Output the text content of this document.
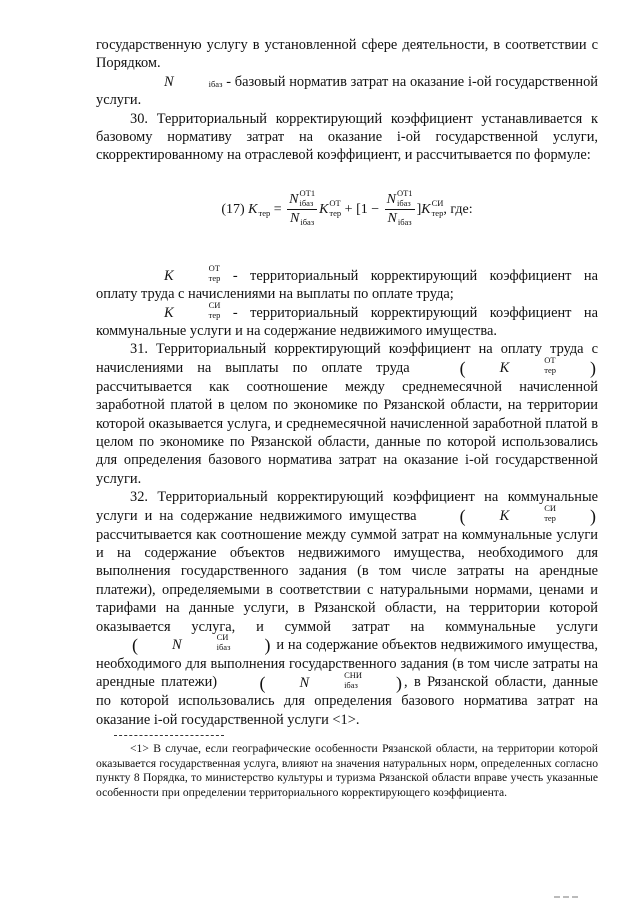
государственную услугу в установленной сфере деятельности, в соответствии с Порядком.

N
	iбаз - базовый норматив затрат на оказание i-ой государственной услуги.

30. Территориальный корректирующий коэффициент устанавливается к базовому нормативу затрат на оказание i-ой государственной услуги, скорректированному на отраслевой коэффициент, и рассчитывается по формуле:

(17)
K
тер = N ОТ1
iбаз
N
iбаз K ОТ
тер + [1 − N ОТ1
iбаз
N
iбаз ] K СИ
тер , где:

K	ОТ
тер - территориальный корректирующий коэффициент на оплату труда с начислениями на выплаты по оплате труда;

K	СИ
тер - территориальный корректирующий коэффициент на коммунальные услуги и на содержание недвижимого имущества.

31. Территориальный корректирующий коэффициент на оплату труда с начислениями на выплаты по оплате труда	(	K	ОТ
тер	)
рассчитывается как соотношение между среднемесячной начисленной заработной платой в целом по экономике по Рязанской области, на территории которой оказывается услуга, и среднемесячной начисленной заработной платой в целом по экономике по Рязанской области, данные по которой использовались для определения базового норматива затрат на оказание i-ой государственной услуги.

32. Территориальный корректирующий коэффициент на коммунальные услуги и на содержание недвижимого имущества	(	K	СИ
тер	)
рассчитывается как соотношение между суммой затрат на коммунальные услуги и на содержание объектов недвижимого имущества, необходимого для выполнения государственного задания (в том числе затраты на арендные платежи), определяемыми в соответствии с натуральными нормами, ценами и тарифами на данные услуги, в Рязанской области, на территории которой оказывается услуга, и суммой затрат на коммунальные услуги
(	N	СИ
iбаз	) и на содержание объектов недвижимого имущества, необходимого для выполнения государственного задания (в том числе затраты на арендные платежи)	(	N	СНИ
iбаз	) , в Рязанской области, данные по которой использовались для определения базового норматива затрат на оказание i-ой государственной услуги <1>.

<1> В случае, если географические особенности Рязанской области, на территории которой оказывается государственная услуга, влияют на значения натуральных норм, определенных согласно пункту 8 Порядка, то министерство культуры и туризма Рязанской области вправе учесть указанные особенности при определении территориального корректирующего коэффициента.
